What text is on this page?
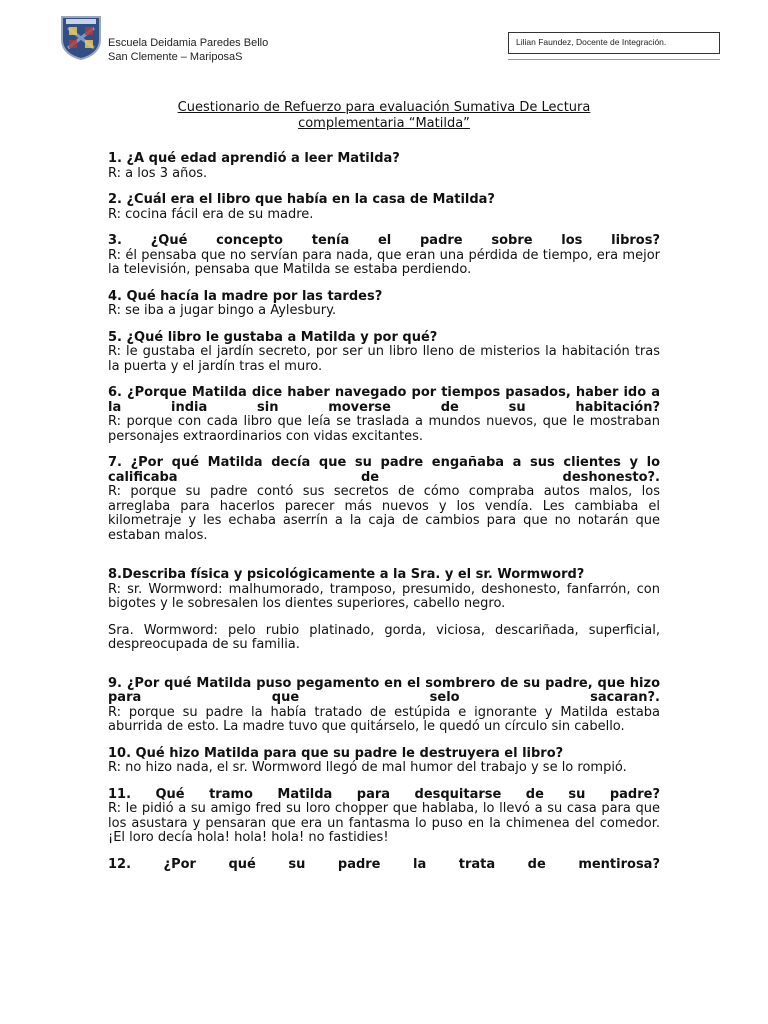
Escuela Deidamia Paredes Bello
San Clemente – MariposaS
Lilian Faundez, Docente de Integración.
Cuestionario de Refuerzo para evaluación Sumativa De Lectura
complementaria “Matilda”
1. ¿A qué edad aprendió a leer Matilda?
R: a los 3 años.
2. ¿Cuál era el libro que había en la casa de Matilda?
R: cocina fácil era de su madre.
3. ¿Qué concepto tenía el padre sobre los libros?
R: él pensaba que no servían para nada, que eran una pérdida de tiempo, era mejor la televisión, pensaba que Matilda se estaba perdiendo.
4. Qué hacía la madre por las tardes?
R: se iba a jugar bingo a Aylesbury.
5. ¿Qué libro le gustaba a Matilda y por qué?
R: le gustaba el jardín secreto, por ser un libro lleno de misterios la habitación tras la puerta y el jardín tras el muro.
6. ¿Porque Matilda dice haber navegado por tiempos pasados, haber ido a la india sin moverse de su habitación?
R: porque con cada libro que leía se traslada a mundos nuevos, que le mostraban personajes extraordinarios con vidas excitantes.
7. ¿Por qué Matilda decía que su padre engañaba a sus clientes y lo calificaba de deshonesto?.
R: porque su padre contó sus secretos de cómo compraba autos malos, los arreglaba para hacerlos parecer más nuevos y los vendía. Les cambiaba el kilometraje y les echaba aserrín a la caja de cambios para que no notarán que estaban malos.
8.Describa física y psicológicamente a la Sra. y el sr. Wormword?
R: sr. Wormword: malhumorado, tramposo, presumido, deshonesto, fanfarrón, con bigotes y le sobresalen los dientes superiores, cabello negro.
Sra. Wormword: pelo rubio platinado, gorda, viciosa, descariñada, superficial, despreocupada de su familia.
9. ¿Por qué Matilda puso pegamento en el sombrero de su padre, que hizo para que selo sacaran?.
R: porque su padre la había tratado de estúpida e ignorante y Matilda estaba aburrida de esto. La madre tuvo que quitárselo, le quedó un círculo sin cabello.
10. Qué hizo Matilda para que su padre le destruyera el libro?
R: no hizo nada, el sr. Wormword llegó de mal humor del trabajo y se lo rompió.
11. Qué tramo Matilda para desquitarse de su padre?
R: le pidió a su amigo fred su loro chopper que hablaba, lo llevó a su casa para que los asustara y pensaran que era un fantasma lo puso en la chimenea del comedor. ¡El loro decía hola! hola! hola! no fastidies!
12. ¿Por qué su padre la trata de mentirosa?
